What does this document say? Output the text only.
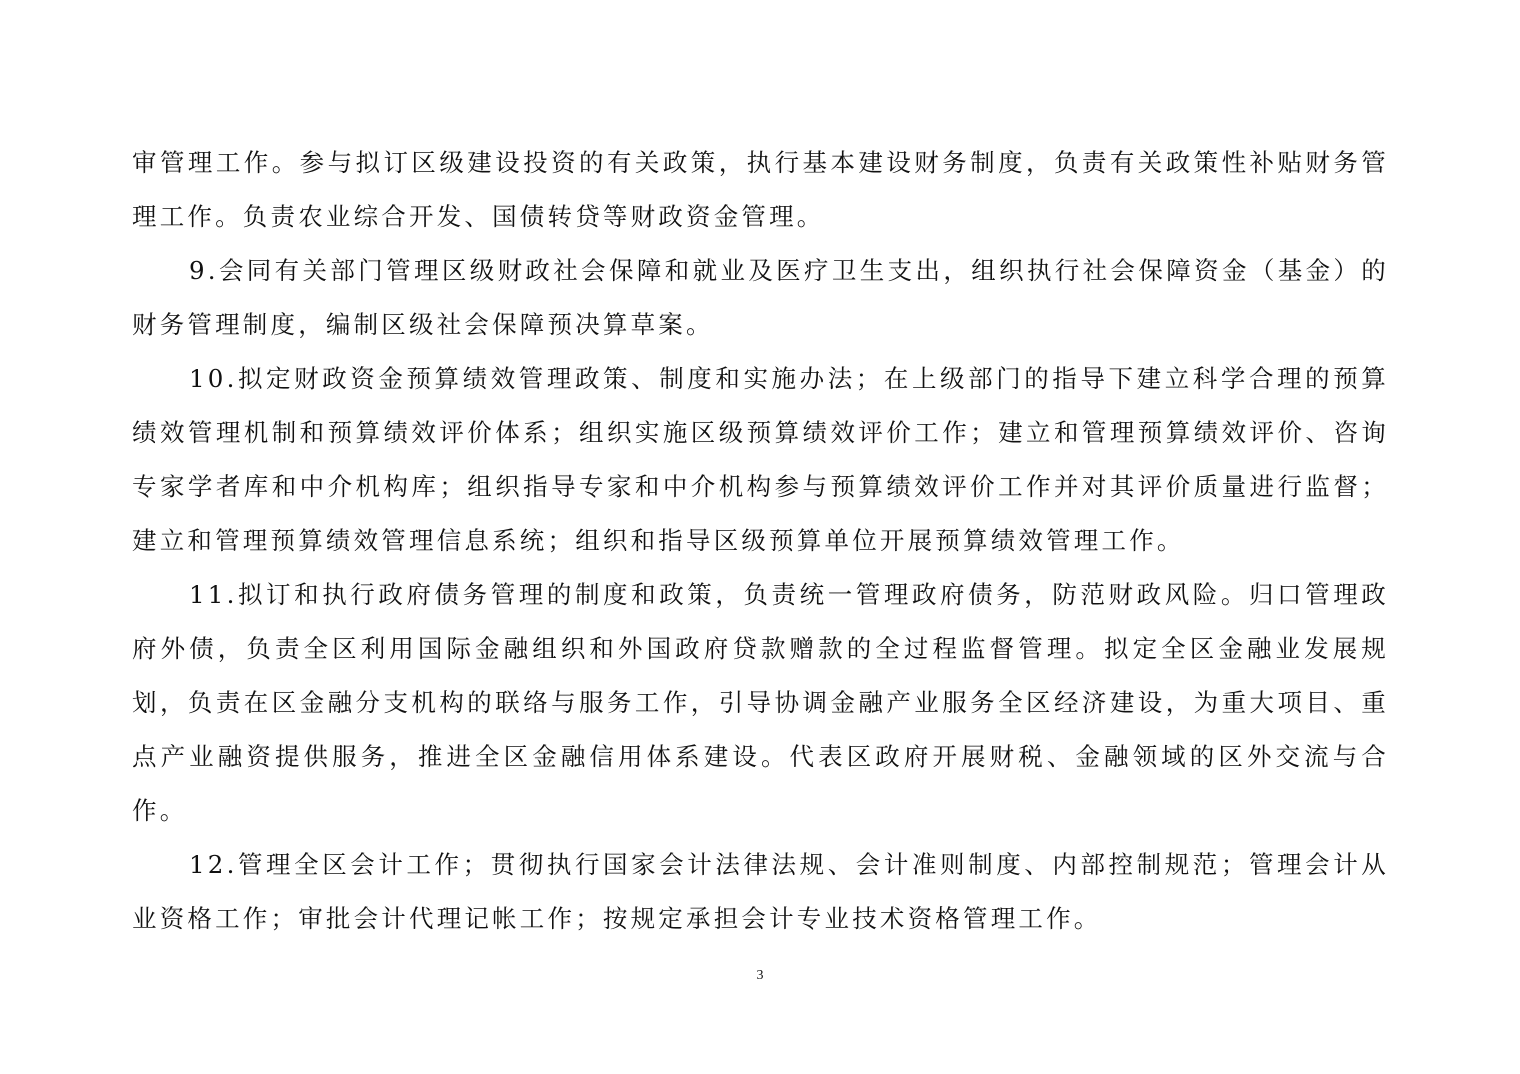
审管理工作。参与拟订区级建设投资的有关政策，执行基本建设财务制度，负责有关政策性补贴财务管理工作。负责农业综合开发、国债转贷等财政资金管理。

9.会同有关部门管理区级财政社会保障和就业及医疗卫生支出，组织执行社会保障资金（基金）的财务管理制度，编制区级社会保障预决算草案。

10.拟定财政资金预算绩效管理政策、制度和实施办法；在上级部门的指导下建立科学合理的预算绩效管理机制和预算绩效评价体系；组织实施区级预算绩效评价工作；建立和管理预算绩效评价、咨询专家学者库和中介机构库；组织指导专家和中介机构参与预算绩效评价工作并对其评价质量进行监督；建立和管理预算绩效管理信息系统；组织和指导区级预算单位开展预算绩效管理工作。

11.拟订和执行政府债务管理的制度和政策，负责统一管理政府债务，防范财政风险。归口管理政府外债，负责全区利用国际金融组织和外国政府贷款赠款的全过程监督管理。拟定全区金融业发展规划，负责在区金融分支机构的联络与服务工作，引导协调金融产业服务全区经济建设，为重大项目、重点产业融资提供服务，推进全区金融信用体系建设。代表区政府开展财税、金融领域的区外交流与合作。

12.管理全区会计工作；贯彻执行国家会计法律法规、会计准则制度、内部控制规范；管理会计从业资格工作；审批会计代理记帐工作；按规定承担会计专业技术资格管理工作。

3
